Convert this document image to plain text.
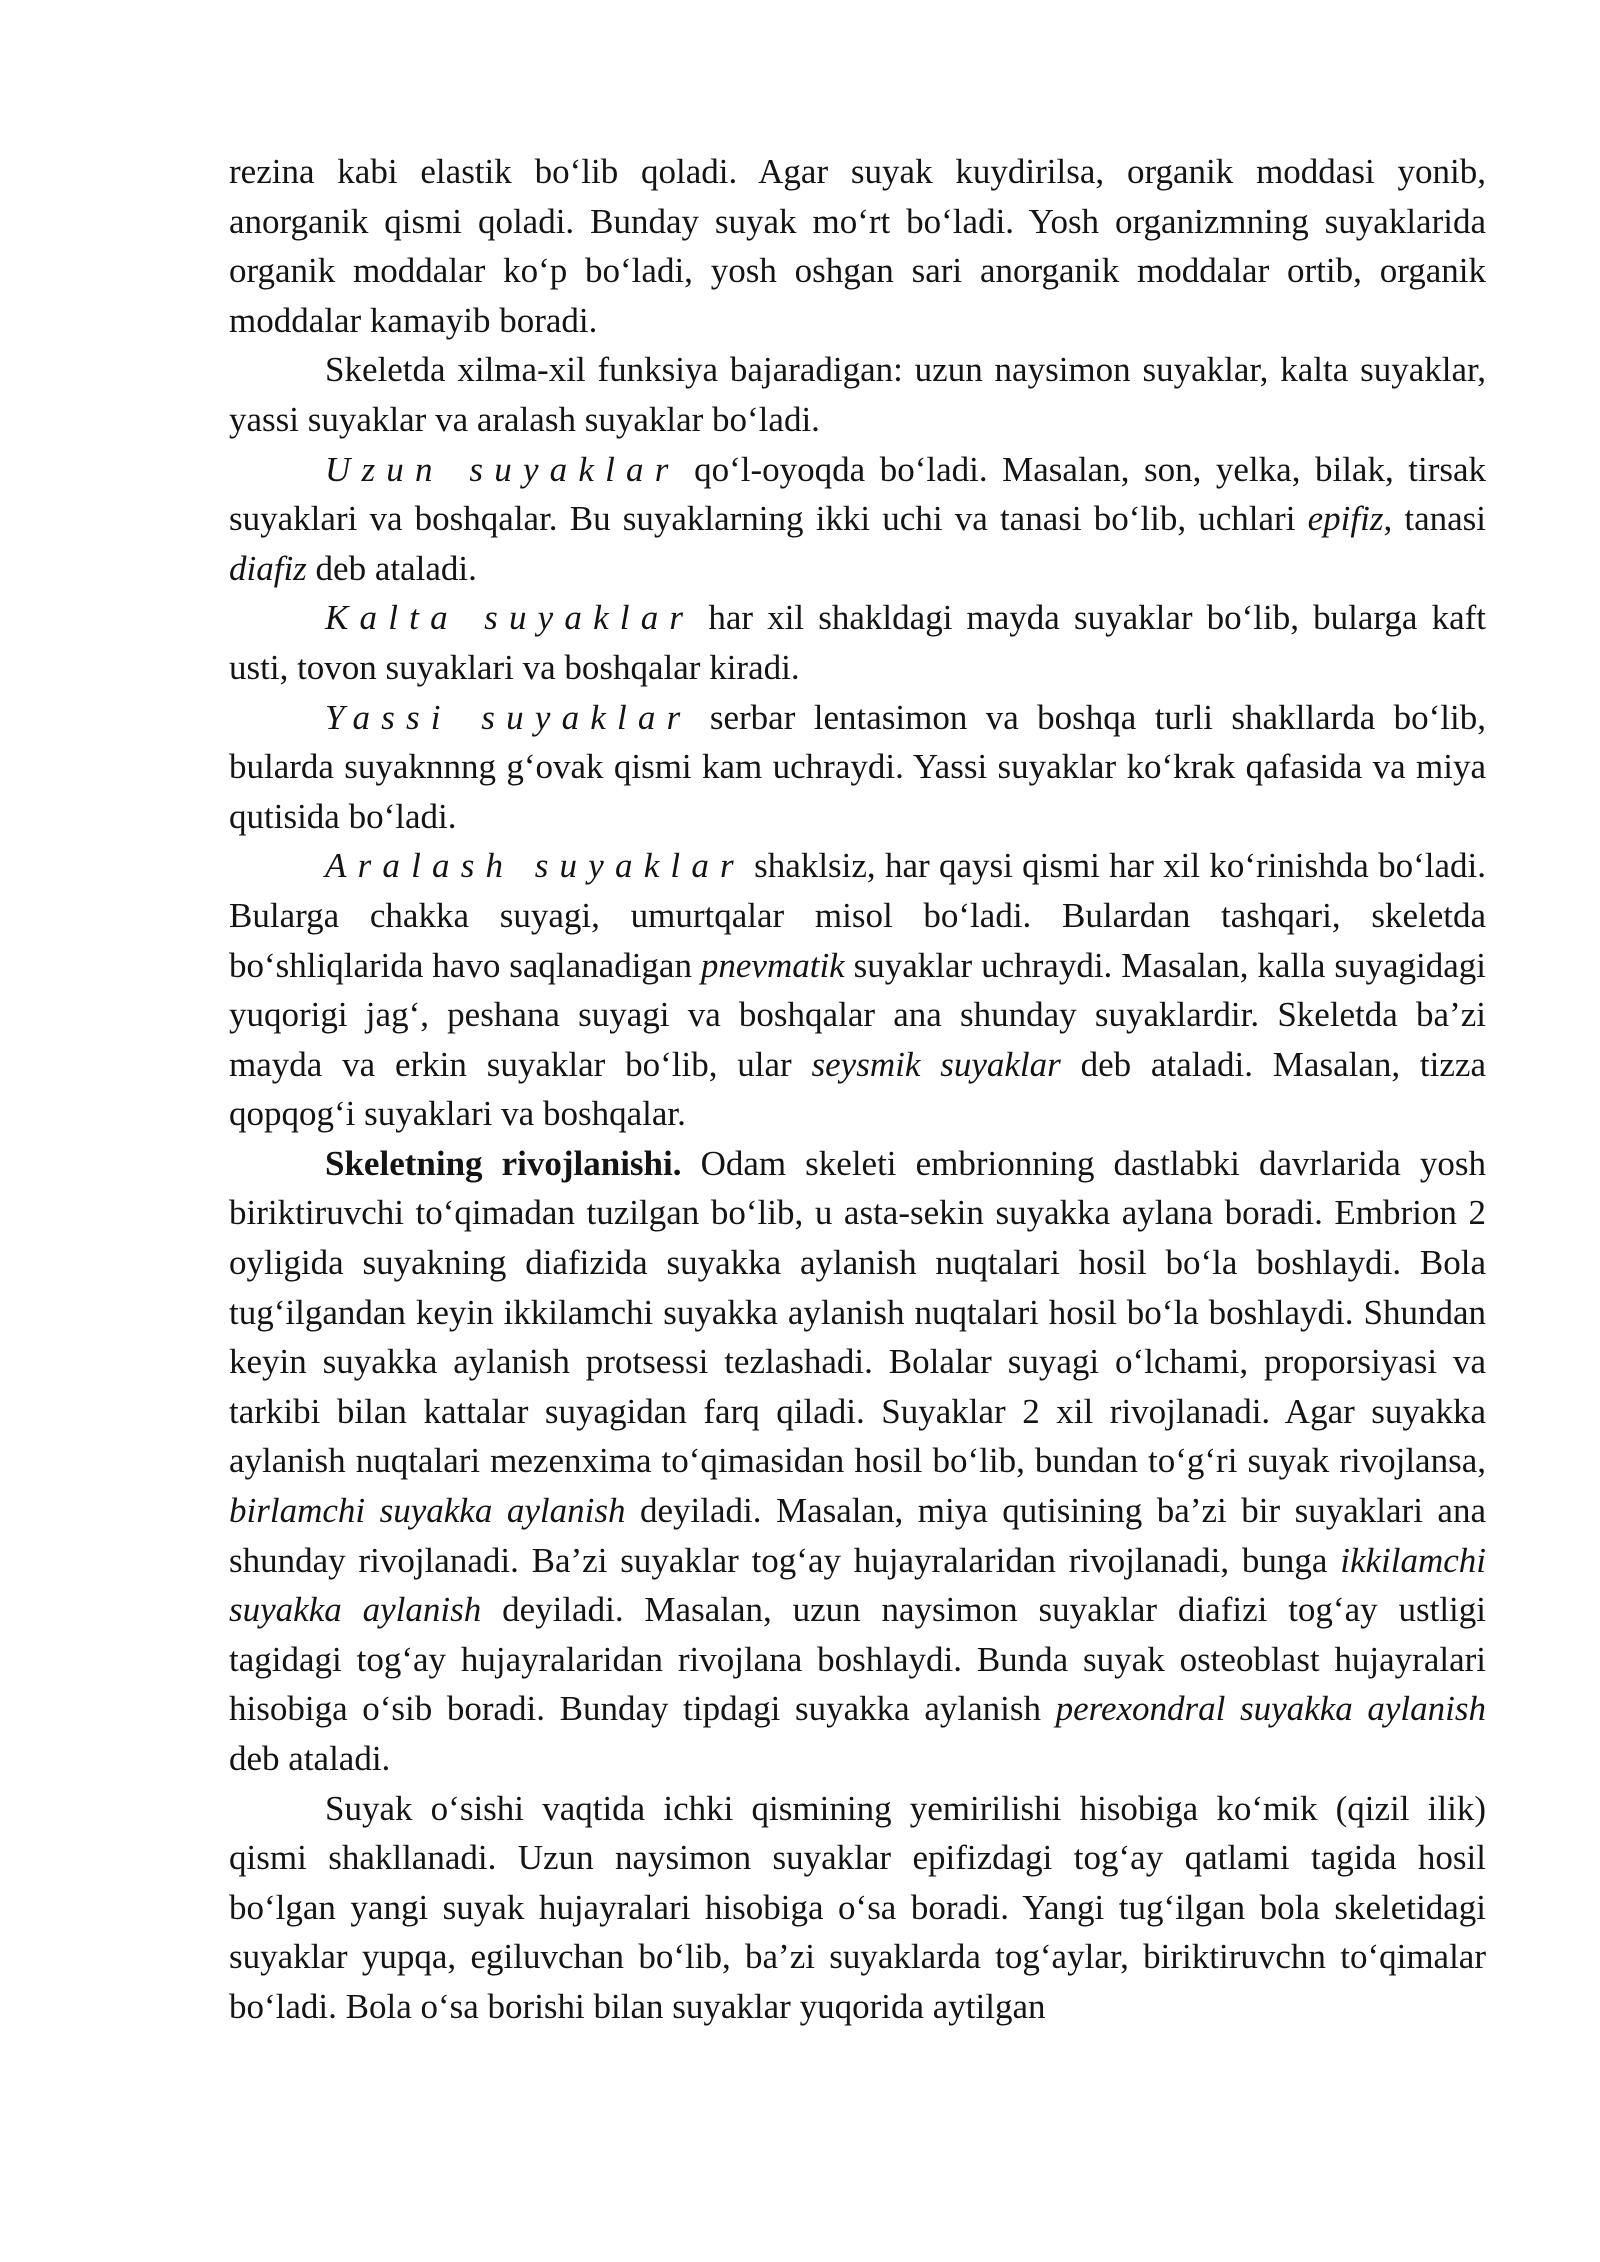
rezina kabi elastik bo‘lib qoladi. Agar suyak kuydirilsa, organik moddasi yonib, anorganik qismi qoladi. Bunday suyak mo‘rt bo‘ladi. Yosh organizmning suyaklarida organik moddalar ko‘p bo‘ladi, yosh oshgan sari anorganik moddalar ortib, organik moddalar kamayib boradi.

Skeletda xilma-xil funksiya bajaradigan: uzun naysimon suyaklar, kalta suyaklar, yassi suyaklar va aralash suyaklar bo‘ladi.

Uzun suyaklar qo‘l-oyoqda bo‘ladi. Masalan, son, yelka, bilak, tirsak suyaklari va boshqalar. Bu suyaklarning ikki uchi va tanasi bo‘lib, uchlari epifiz, tanasi diafiz deb ataladi.

Kalta suyaklar har xil shakldagi mayda suyaklar bo‘lib, bularga kaft usti, tovon suyaklari va boshqalar kiradi.

Yassi suyaklar serbar lentasimon va boshqa turli shakllarda bo‘lib, bularda suyaknnng g‘ovak qismi kam uchraydi. Yassi suyaklar ko‘krak qafasida va miya qutisida bo‘ladi.

Aralash suyaklar shaklsiz, har qaysi qismi har xil ko‘rinishda bo‘ladi. Bularga chakka suyagi, umurtqalar misol bo‘ladi. Bulardan tashqari, skeletda bo‘shliqlarida havo saqlanadigan pnevmatik suyaklar uchraydi. Masalan, kalla suyagidagi yuqorigi jag‘, peshana suyagi va boshqalar ana shunday suyaklardir. Skeletda ba’zi mayda va erkin suyaklar bo‘lib, ular seysmik suyaklar deb ataladi. Masalan, tizza qopqog‘i suyaklari va boshqalar.

Skeletning rivojlanishi. Odam skeleti embrionning dastlabki davrlarida yosh biriktiruvchi to‘qimadan tuzilgan bo‘lib, u asta-sekin suyakka aylana boradi. Embrion 2 oyligida suyakning diafizida suyakka aylanish nuqtalari hosil bo‘la boshlaydi. Bola tug‘ilgandan keyin ikkilamchi suyakka aylanish nuqtalari hosil bo‘la boshlaydi. Shundan keyin suyakka aylanish protsessi tezlashadi. Bolalar suyagi o‘lchami, proporsiyasi va tarkibi bilan kattalar suyagidan farq qiladi. Suyaklar 2 xil rivojlanadi. Agar suyakka aylanish nuqtalari mezenxima to‘qimasidan hosil bo‘lib, bundan to‘g‘ri suyak rivojlansa, birlamchi suyakka aylanish deyiladi. Masalan, miya qutisining ba’zi bir suyaklari ana shunday rivojlanadi. Ba’zi suyaklar tog‘ay hujayralaridan rivojlanadi, bunga ikkilamchi suyakka aylanish deyiladi. Masalan, uzun naysimon suyaklar diafizi tog‘ay ustligi tagidagi tog‘ay hujayralaridan rivojlana boshlaydi. Bunda suyak osteoblast hujayralari hisobiga o‘sib boradi. Bunday tipdagi suyakka aylanish perexondral suyakka aylanish deb ataladi.

Suyak o‘sishi vaqtida ichki qismining yemirilishi hisobiga ko‘mik (qizil ilik) qismi shakllanadi. Uzun naysimon suyaklar epifizdagi tog‘ay qatlami tagida hosil bo‘lgan yangi suyak hujayralari hisobiga o‘sa boradi. Yangi tug‘ilgan bola skeletidagi suyaklar yupqa, egiluvchan bo‘lib, ba’zi suyaklarda tog‘aylar, biriktiruvchn to‘qimalar bo‘ladi. Bola o‘sa borishi bilan suyaklar yuqorida aytilgan
